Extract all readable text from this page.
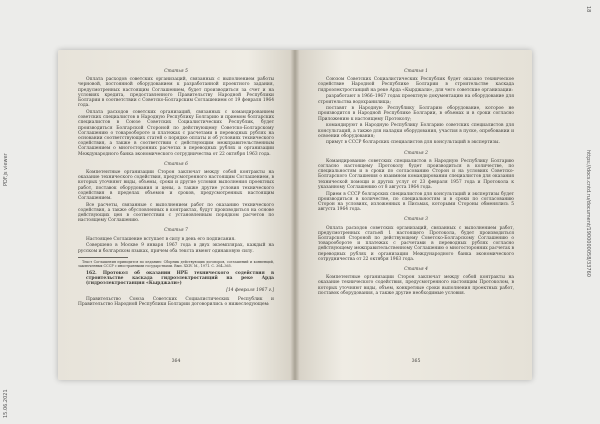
PDF.js viewer
15.06.2021
https://docs.cntd.ru/document/1900000058/33760
18
Статья 5

Оплата расходов советских организаций, связанных с выполнением работы черновой, постоянной оборудованием к разработанной проектного задания, предусмотренных настоящим Соглашением, будет производиться за счет и на условиях кредита, предоставленного Правительству Народной Республики Болгарии в соответствии с Советско-Болгарским Соглашением от 19 февраля 1964 года.

Оплата расходов советских организаций, связанных с командированием советских специалистов в Народную Республику Болгарию и приемом болгарских специалистов в Союзе Советских Социалистических Республик, будет производиться Болгарской Стороной по действующему Советско-Болгарскому Соглашению о товарообороте и платежах с расчетами в переводных рублях на основании соответствующих статей о порядке оплаты и об условиях технического содействия, а также в соответствии с действующим межправительственным Соглашением о многосторонних расчетах в переводных рублях и организации Международного банка экономического сотрудничества от 22 октября 1963 года.

Статья 6

Компетентные организации Сторон заключат между собой контракты на оказание технического содействия, предусмотренного настоящим Соглашением, в которых уточняют виды, объемы, сроки и другие условия выполнения проектных работ, поставок оборудования и цены, а также другие условия технического содействия в пределах объемов и сроков, предусмотренных настоящим Соглашением.

Все расчеты, связанные с выполнением работ по оказанию технического содействия, а также обусловленных в контрактах, будут производиться на основе действующих цен в соответствии с установленным порядком расчетов по настоящему Соглашению.

Статья 7

Настоящее Соглашение вступает в силу в день его подписания.

Совершено в Москве 9 января 1967 года в двух экземплярах, каждый на русском и болгарском языках, причем оба текста имеют одинаковую силу.

Текст Соглашения приводится по изданию: Сборник действующих договоров, соглашений и конвенций, заключенных СССР с иностранными государствами. Вып. XXIV. М., 1971. С. 364–365.

162. Протокол об оказании НРБ технического содействия в строительстве каскада гидроэлектростанций на реке Арда (гидроэлектростанция «Кырджали»)

[14 февраля 1967 г.]

Правительство Союза Советских Социалистических Республик и Правительство Народной Республики Болгарии договорились о нижеследующем:

364
Статья 1

Союзом Советских Социалистических Республик будет оказано техническое содействие Народной Республике Болгарии в строительстве каскада гидроэлектростанций на реке Арда «Кырджали», для чего советские организации:

разработают в 1966–1967 годах проектную документацию на оборудование для строительства водохранилища;

поставят в Народную Республику Болгарию оборудование, которое не производится в Народной Республике Болгарии, в объемах и в сроки согласно Приложению к настоящему Протоколу;

командируют в Народную Республику Болгарию советских специалистов для консультаций, а также для наладки оборудования, участия в пуске, опробовании и освоении оборудования;

примут в СССР болгарских специалистов для консультаций в экспертизы.

Статья 2

Командирование советских специалистов в Народную Республику Болгарию согласно настоящему Протоколу будет производиться в количестве, по специальностям и в сроки по согласованию Сторон и на условиях Советско-Болгарского Соглашения о взаимном командировании специалистов для оказания технической помощи и других услуг от 23 февраля 1957 года и Протокола к указанному Соглашению от 8 августа 1964 года.

Прием в СССР болгарских специалистов для консультаций и экспертизы будет производиться в количестве, по специальностям и в сроки по согласованию Сторон на условиях, изложенных в Письмах, которыми Стороны обменялись 5 августа 1964 года.

Статья 3

Оплата расходов советских организаций, связанных с выполнением работ, предусмотренных статьей 1 настоящего Протокола, будет производиться Болгарской Стороной по действующему Советско-Болгарскому Соглашению о товарообороте и платежах с расчетами в переводных рублях согласно действующему межправительственному Соглашению о многосторонних расчетах в переводных рублях и организации Международного банка экономического сотрудничества от 22 октября 1963 года.

Статья 4

Компетентные организации Сторон заключат между собой контракты на оказание технического содействия, предусмотренного настоящим Протоколом, в которых уточняют виды, объем, конкретные сроки выполнения проектных работ, поставок оборудования, а также другие необходимые условия.

365
